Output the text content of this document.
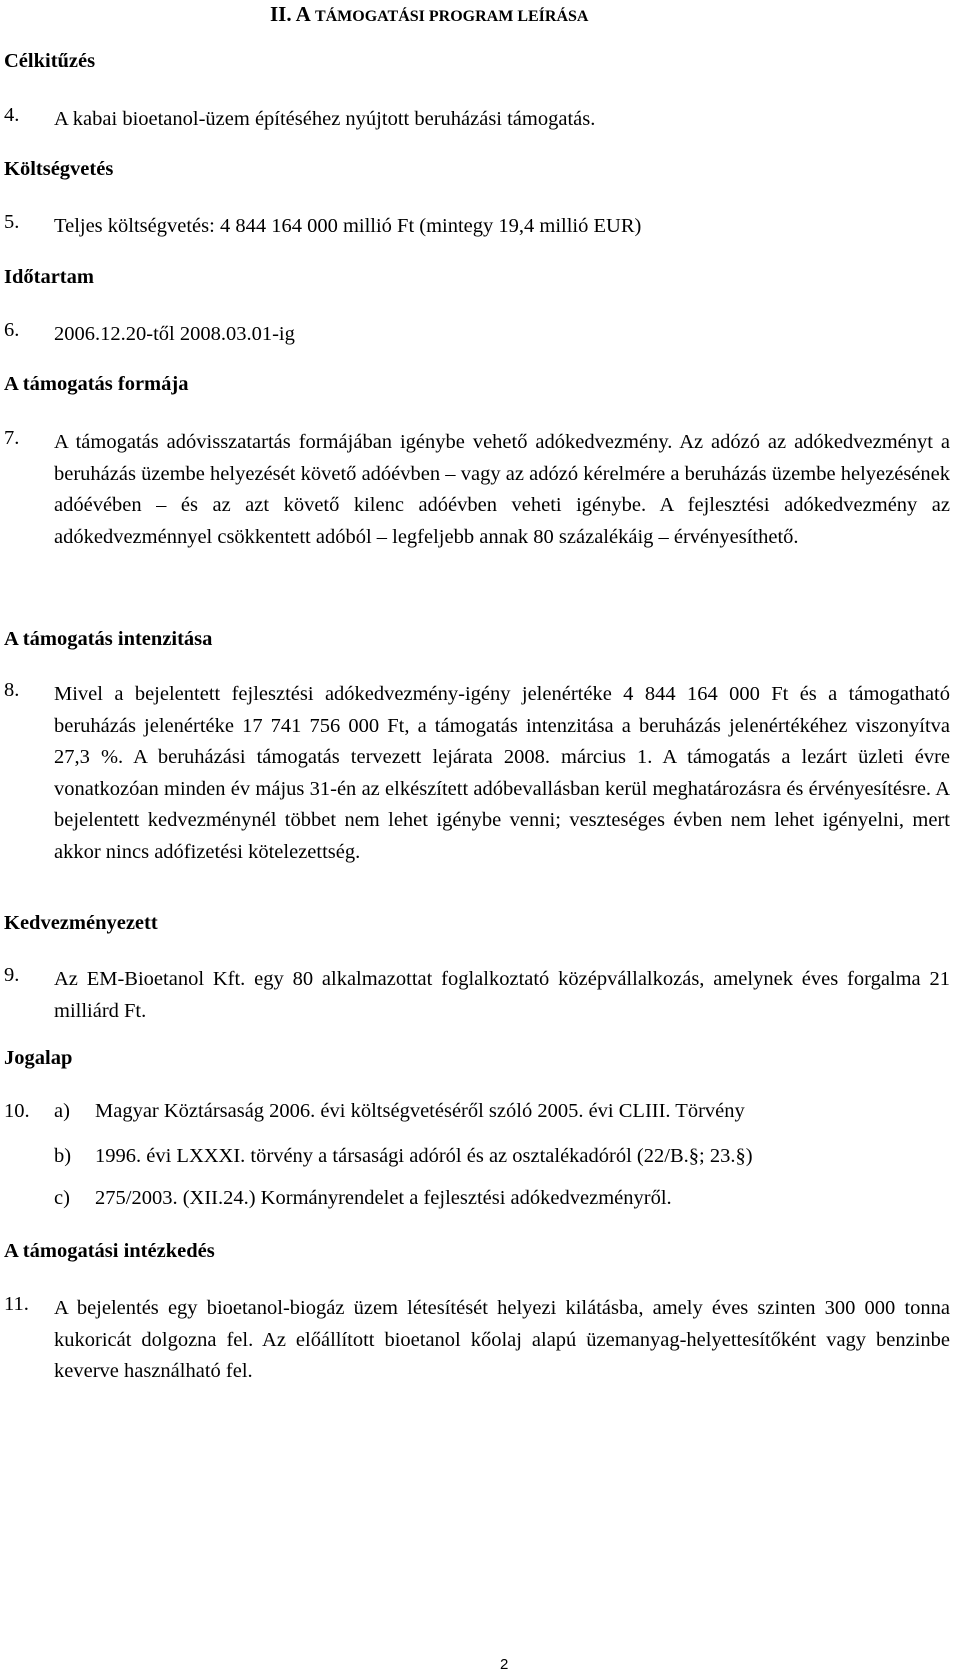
II. A TÁMOGATÁSI PROGRAM LEÍRÁSA
Célkitűzés
4. A kabai bioetanol-üzem építéséhez nyújtott beruházási támogatás.
Költségvetés
5. Teljes költségvetés: 4 844 164 000 millió Ft (mintegy 19,4 millió EUR)
Időtartam
6. 2006.12.20-től 2008.03.01-ig
A támogatás formája
7. A támogatás adóvisszatartás formájában igénybe vehető adókedvezmény. Az adózó az adókedvezményt a beruházás üzembe helyezését követő adóévben – vagy az adózó kérelmére a beruházás üzembe helyezésének adóévében – és az azt követő kilenc adóévben veheti igénybe. A fejlesztési adókedvezmény az adókedvezménnyel csökkentett adóból – legfeljebb annak 80 százalékáig – érvényesíthető.
A támogatás intenzitása
8. Mivel a bejelentett fejlesztési adókedvezmény-igény jelenértéke 4 844 164 000 Ft és a támogatható beruházás jelenértéke 17 741 756 000 Ft, a támogatás intenzitása a beruházás jelenértékéhez viszonyítva 27,3 %. A beruházási támogatás tervezett lejárata 2008. március 1. A támogatás a lezárt üzleti évre vonatkozóan minden év május 31-én az elkészített adóbevallásban kerül meghatározásra és érvényesítésre. A bejelentett kedvezménynél többet nem lehet igénybe venni; veszteséges évben nem lehet igényelni, mert akkor nincs adófizetési kötelezettség.
Kedvezményezett
9. Az EM-Bioetanol Kft. egy 80 alkalmazottat foglalkoztató középvállalkozás, amelynek éves forgalma 21 milliárd Ft.
Jogalap
10. a) Magyar Köztársaság 2006. évi költségvetéséről szóló 2005. évi CLIII. Törvény
b) 1996. évi LXXXI. törvény a társasági adóról és az osztalékadóról (22/B.§; 23.§)
c) 275/2003. (XII.24.) Kormányrendelet a fejlesztési adókedvezményről.
A támogatási intézkedés
11. A bejelentés egy bioetanol-biogáz üzem létesítését helyezi kilátásba, amely éves szinten 300 000 tonna kukoricát dolgozna fel. Az előállított bioetanol kőolaj alapú üzemanyag-helyettesítőként vagy benzinbe keverve használható fel.
2
